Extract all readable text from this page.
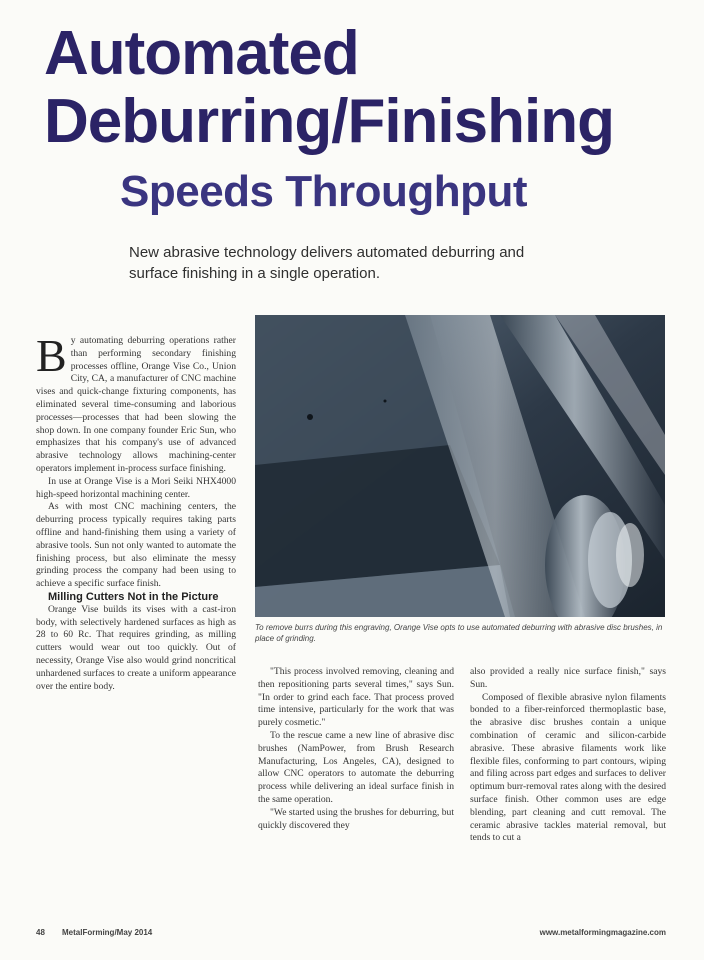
Automated
Deburring/Finishing
Speeds Throughput

New abrasive technology delivers automated deburring and surface finishing in a single operation.

By automating deburring operations rather than performing secondary finishing processes offline, Orange Vise Co., Union City, CA, a manufacturer of CNC machine vises and quick-change fixturing components, has eliminated several time-consuming and laborious processes—processes that had been slowing the shop down. In one company founder Eric Sun, who emphasizes that his company's use of advanced abrasive technology allows machining-center operators implement in-process surface finishing.

In use at Orange Vise is a Mori Seiki NHX4000 high-speed horizontal machining center.

As with most CNC machining centers, the deburring process typically requires taking parts offline and hand-finishing them using a variety of abrasive tools. Sun not only wanted to automate the finishing process, but also eliminate the messy grinding process the company had been using to achieve a specific surface finish.

Milling Cutters Not in the Picture

Orange Vise builds its vises with a cast-iron body, with selectively hardened surfaces as high as 28 to 60 Rc. That requires grinding, as milling cutters would wear out too quickly. Out of necessity, Orange Vise also would grind noncritical unhardened surfaces to create a uniform appearance over the entire body.

To remove burrs during this engraving, Orange Vise opts to use automated deburring with abrasive disc brushes, in place of grinding.

"This process involved removing, cleaning and then repositioning parts several times," says Sun. "In order to grind each face. That process proved time intensive, particularly for the work that was purely cosmetic."

To the rescue came a new line of abrasive disc brushes (NamPower, from Brush Research Manufacturing, Los Angeles, CA), designed to allow CNC operators to automate the deburring process while delivering an ideal surface finish in the same operation.

"We started using the brushes for deburring, but quickly discovered they

also provided a really nice surface finish," says Sun.

Composed of flexible abrasive nylon filaments bonded to a fiber-reinforced thermoplastic base, the abrasive disc brushes contain a unique combination of ceramic and silicon-carbide abrasive. These abrasive filaments work like flexible files, conforming to part contours, wiping and filing across part edges and surfaces to deliver optimum burr-removal rates along with the desired surface finish. Other common uses are edge blending, part cleaning and cutt removal. The ceramic abrasive tackles material removal, but tends to cut a

48 MetalForming/May 2014	www.metalformingmagazine.com
